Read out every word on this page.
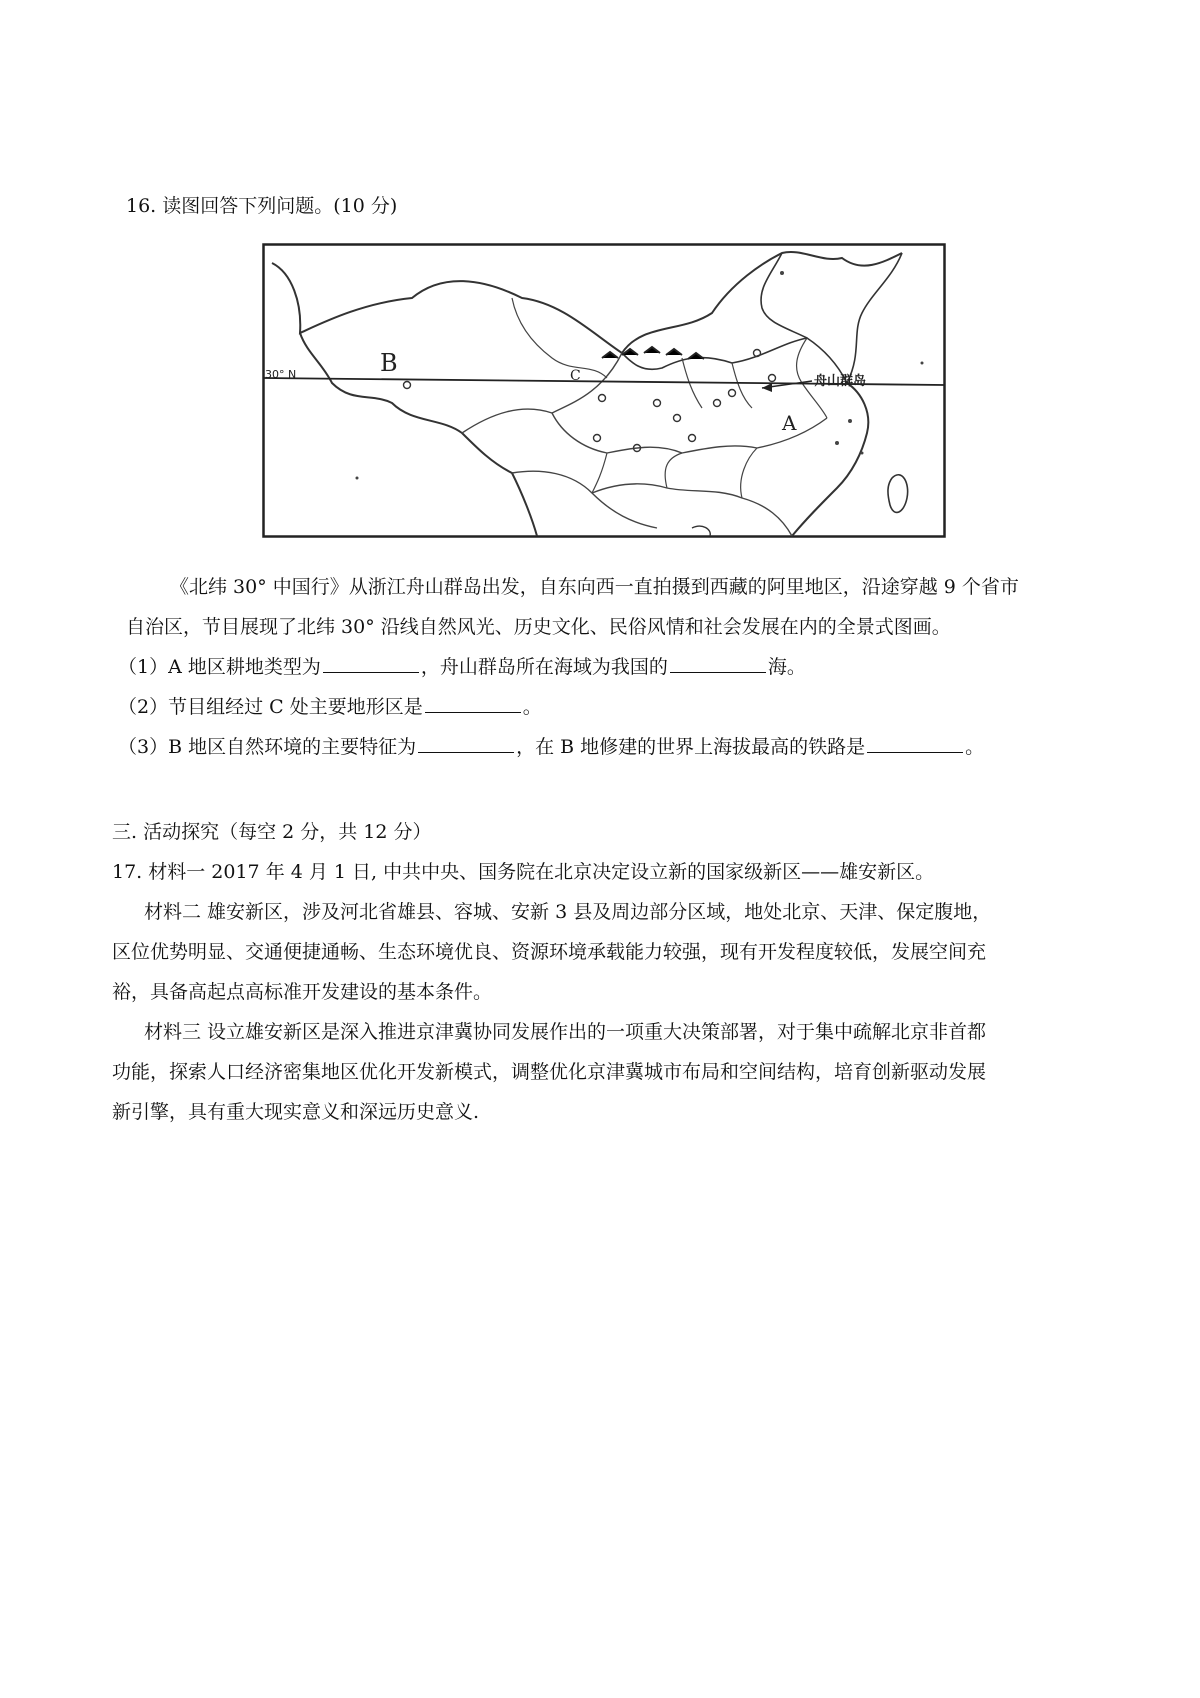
16. 读图回答下列问题。(10 分)
B	C
A
30° N	舟山群岛
《北纬 30° 中国行》从浙江舟山群岛出发，自东向西一直拍摄到西藏的阿里地区，沿途穿越 9 个省市
自治区，节目展现了北纬 30° 沿线自然风光、历史文化、民俗风情和社会发展在内的全景式图画。
（1）A 地区耕地类型为	，舟山群岛所在海域为我国的	海。
（2）节目组经过 C 处主要地形区是	。
（3）B 地区自然环境的主要特征为	，在 B 地修建的世界上海拔最高的铁路是	。
三. 活动探究（每空 2 分，共 12 分）
17. 材料一 2017 年 4 月 1 日, 中共中央、国务院在北京决定设立新的国家级新区——雄安新区。
材料二 雄安新区，涉及河北省雄县、容城、安新 3 县及周边部分区域，地处北京、天津、保定腹地，
区位优势明显、交通便捷通畅、生态环境优良、资源环境承载能力较强，现有开发程度较低，发展空间充
裕，具备高起点高标准开发建设的基本条件。
材料三 设立雄安新区是深入推进京津冀协同发展作出的一项重大决策部署，对于集中疏解北京非首都
功能，探索人口经济密集地区优化开发新模式，调整优化京津冀城市布局和空间结构，培育创新驱动发展
新引擎，具有重大现实意义和深远历史意义.
